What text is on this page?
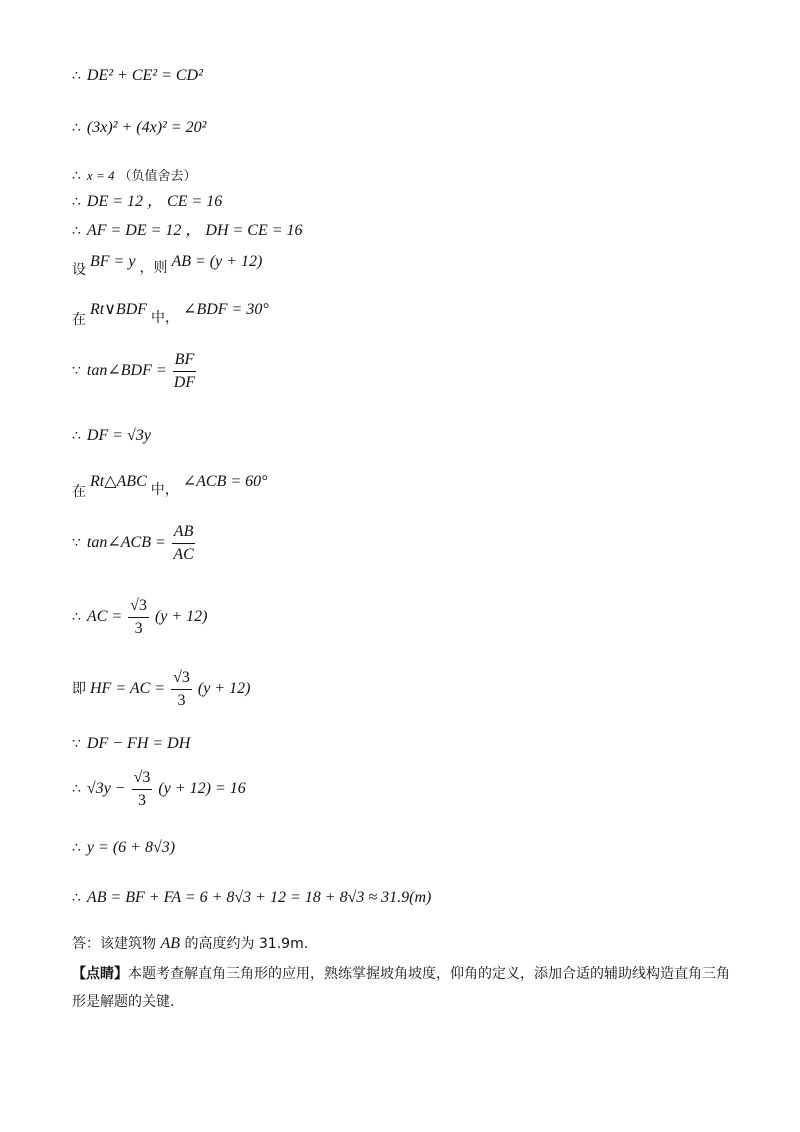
∴ DE² + CE² = CD²
∴ (3x)² + (4x)² = 20²
∴ x = 4 （负值舍去）
∴ DE = 12 ， CE = 16
∴ AF = DE = 12 ， DH = CE = 16
设 BF = y ，则 AB = (y + 12)
在 Rt∨BDF 中， ∠BDF = 30°
∵ tan∠BDF = $\frac{BF}{DF}$
∴ DF = √3y
在 Rt△ABC 中， ∠ACB = 60°
∵ tan∠ACB = $\frac{AB}{AC}$
∴ AC = $\frac{√3}{3} (y + 12)$
即 HF = AC = $\frac{√3}{3} (y + 12)$
∵ DF − FH = DH
∴ $√3y - \frac{√3}{3} (y + 12) = 16$
∴ y = (6 + 8√3)
∴ AB = BF + FA = 6 + 8√3 + 12 = 18 + 8√3 ≈ 31.9(m)
答：该建筑物 AB 的高度约为 31.9m.
【点睛】本题考查解直角三角形的应用，熟练掌握坡角坡度，仰角的定义，添加合适的辅助线构造直角三角形是解题的关键.
